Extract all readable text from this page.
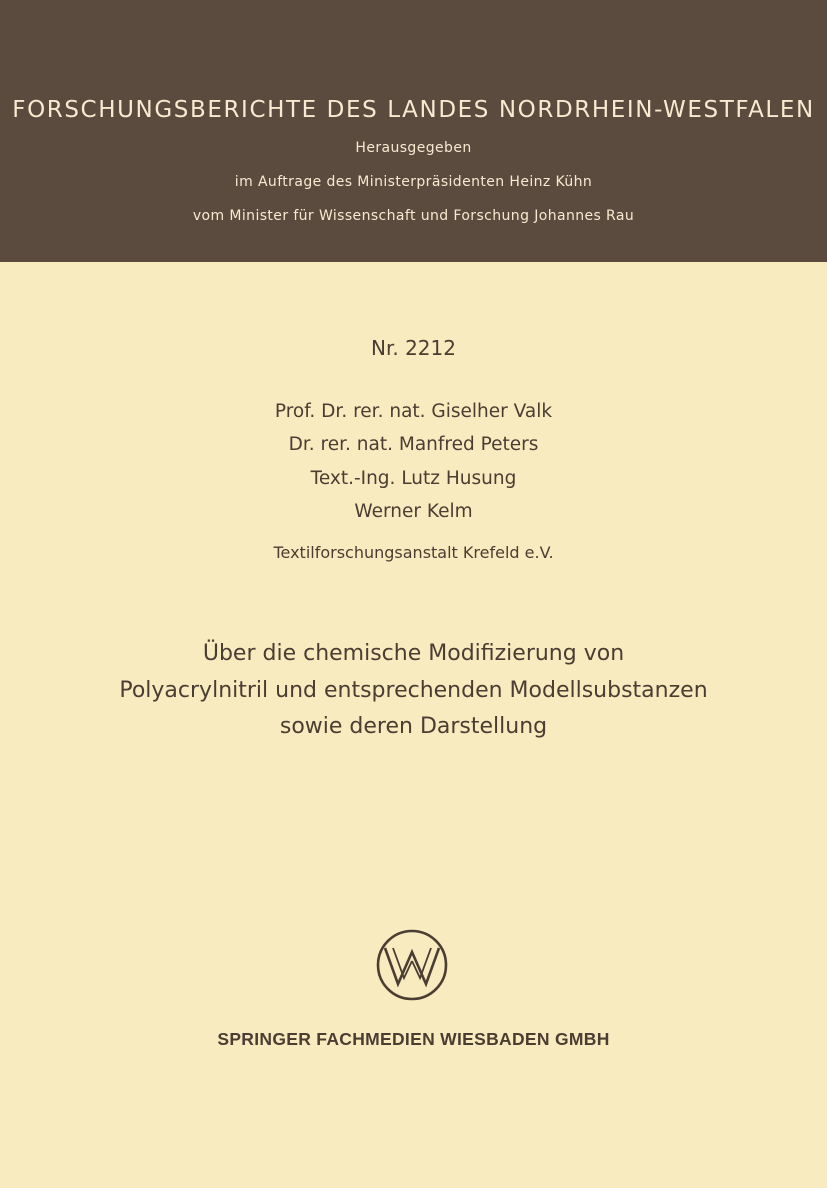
FORSCHUNGSBERICHTE DES LANDES NORDRHEIN-WESTFALEN
Herausgegeben
im Auftrage des Ministerpräsidenten Heinz Kühn
vom Minister für Wissenschaft und Forschung Johannes Rau
Nr. 2212
Prof. Dr. rer. nat. Giselher Valk
Dr. rer. nat. Manfred Peters
Text.-Ing. Lutz Husung
Werner Kelm
Textilforschungsanstalt Krefeld e.V.
Über die chemische Modifizierung von
Polyacrylnitril und entsprechenden Modellsubstanzen
sowie deren Darstellung
SPRINGER FACHMEDIEN WIESBADEN GMBH
